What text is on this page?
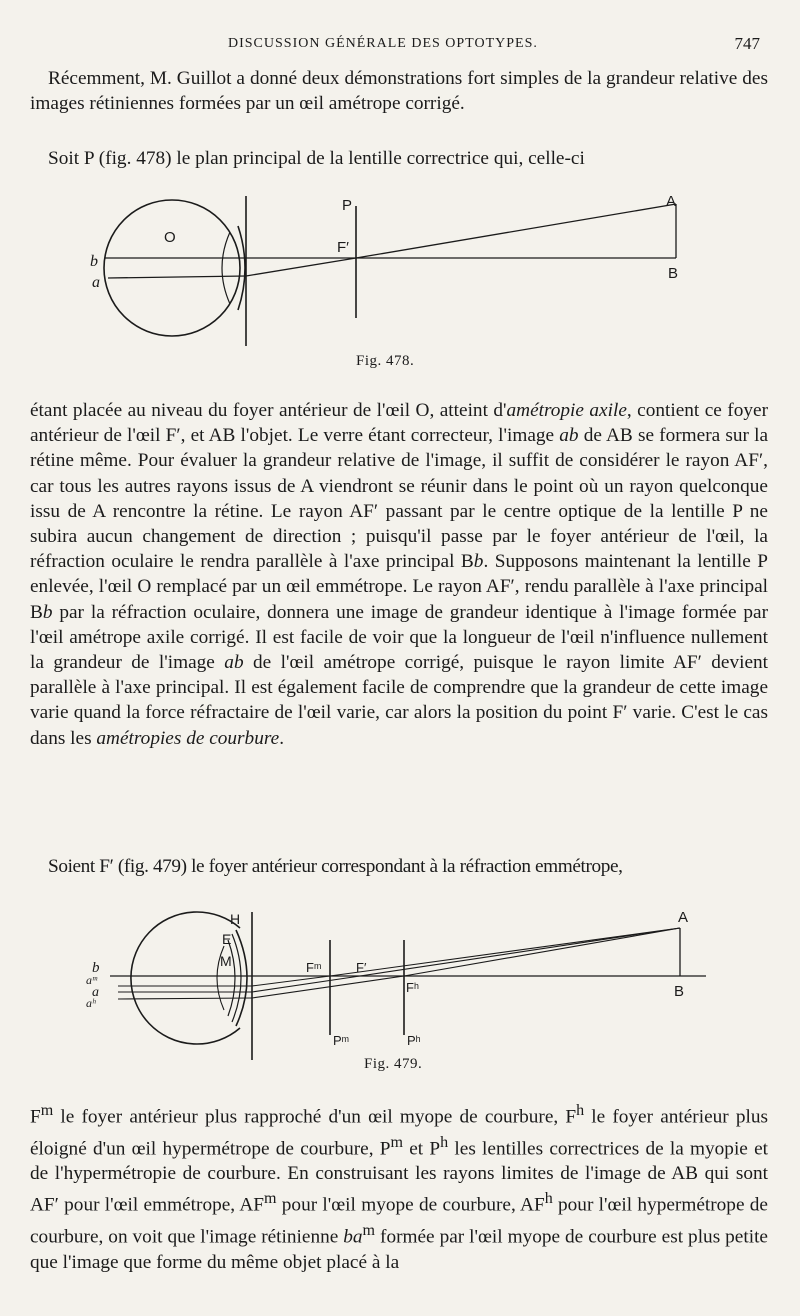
DISCUSSION GÉNÉRALE DES OPTOTYPES.	747

Récemment, M. Guillot a donné deux démonstrations fort simples de la grandeur relative des images rétiniennes formées par un œil amétrope corrigé.

Soit P (fig. 478) le plan principal de la lentille correctrice qui, celle-ci

P	A
O
F′
b
a
B
Fig. 478.

étant placée au niveau du foyer antérieur de l'œil O, atteint d'amétropie axile, contient ce foyer antérieur de l'œil F′, et AB l'objet. Le verre étant correcteur, l'image ab de AB se formera sur la rétine même. Pour évaluer la grandeur relative de l'image, il suffit de considérer le rayon AF′, car tous les autres rayons issus de A viendront se réunir dans le point où un rayon quelconque issu de A rencontre la rétine. Le rayon AF′ passant par le centre optique de la lentille P ne subira aucun changement de direction ; puisqu'il passe par le foyer antérieur de l'œil, la réfraction oculaire le rendra parallèle à l'axe principal Bb. Supposons maintenant la lentille P enlevée, l'œil O remplacé par un œil emmétrope. Le rayon AF′, rendu parallèle à l'axe principal Bb par la réfraction oculaire, donnera une image de grandeur identique à l'image formée par l'œil amétrope axile corrigé. Il est facile de voir que la longueur de l'œil n'influence nullement la grandeur de l'image ab de l'œil amétrope corrigé, puisque le rayon limite AF′ devient parallèle à l'axe principal. Il est également facile de comprendre que la grandeur de cette image varie quand la force réfractaire de l'œil varie, car alors la position du point F′ varie. C'est le cas dans les amétropies de courbure.

Soient F′ (fig. 479) le foyer antérieur correspondant à la réfraction emmétrope,

H
E
M
A
b
aᵐ
a
aʰ
Fᵐ	F′
Fʰ	B
Pᵐ	Pʰ
Fig. 479.

$F^m$ le foyer antérieur plus rapproché d'un œil myope de courbure, $F^h$ le foyer antérieur plus éloigné d'un œil hypermétrope de courbure, $P^m$ et $P^h$ les lentilles correctrices de la myopie et de l'hypermétropie de courbure. En construisant les rayons limites de l'image de AB qui sont AF′ pour l'œil emmétrope, $AF^m$ pour l'œil myope de courbure, $AF^h$ pour l'œil hypermétrope de courbure, on voit que l'image rétinienne $ba^m$ formée par l'œil myope de courbure est plus petite que l'image que forme du même objet placé à la
